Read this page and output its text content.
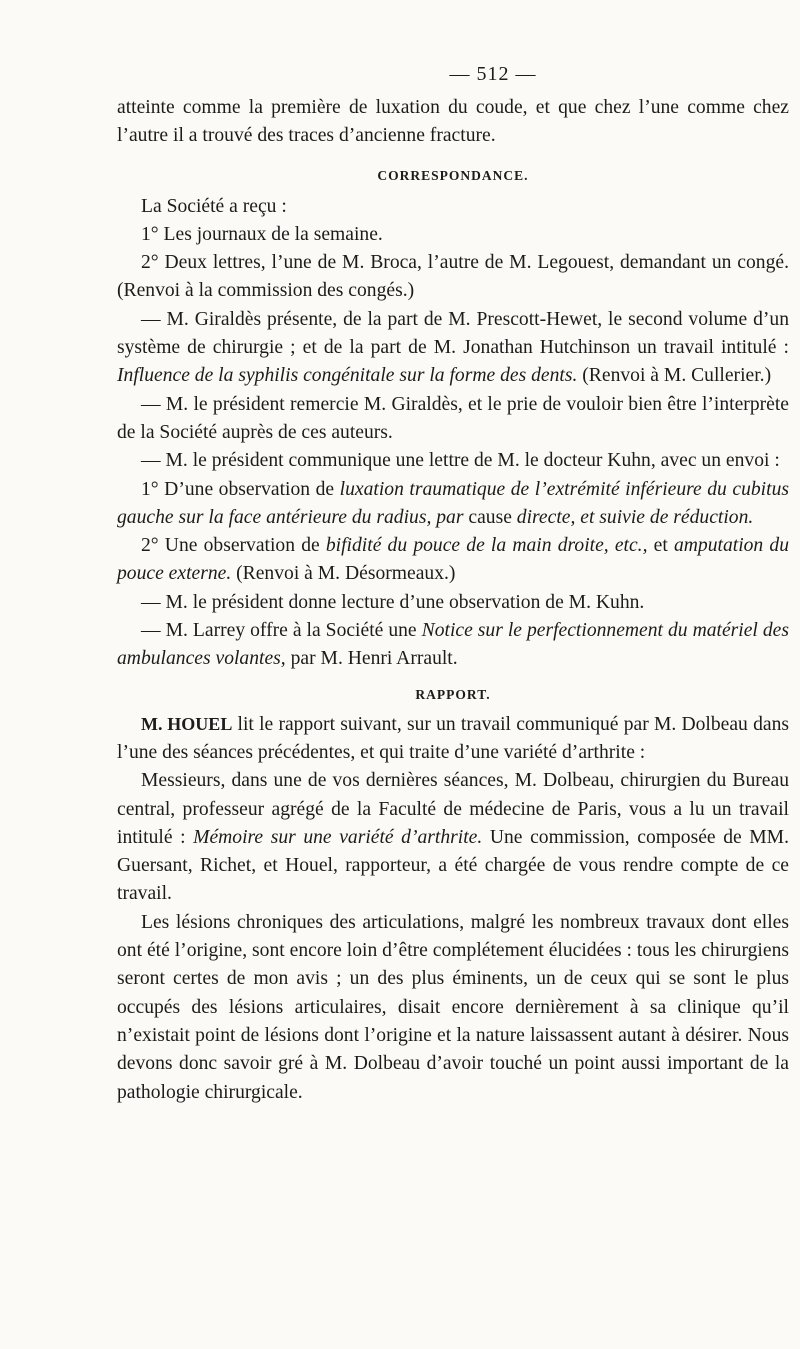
— 512 —

atteinte comme la première de luxation du coude, et que chez l’une comme chez l’autre il a trouvé des traces d’ancienne fracture.

CORRESPONDANCE.

La Société a reçu :

1° Les journaux de la semaine.

2° Deux lettres, l’une de M. Broca, l’autre de M. Legouest, demandant un congé. (Renvoi à la commission des congés.)

— M. Giraldès présente, de la part de M. Prescott-Hewet, le second volume d’un système de chirurgie ; et de la part de M. Jonathan Hutchinson un travail intitulé : Influence de la syphilis congénitale sur la forme des dents. (Renvoi à M. Cullerier.)

— M. le président remercie M. Giraldès, et le prie de vouloir bien être l’interprète de la Société auprès de ces auteurs.

— M. le président communique une lettre de M. le docteur Kuhn, avec un envoi :

1° D’une observation de luxation traumatique de l’extrémité inférieure du cubitus gauche sur la face antérieure du radius, par cause directe, et suivie de réduction.

2° Une observation de bifidité du pouce de la main droite, etc., et amputation du pouce externe. (Renvoi à M. Désormeaux.)

— M. le président donne lecture d’une observation de M. Kuhn.

— M. Larrey offre à la Société une Notice sur le perfectionnement du matériel des ambulances volantes, par M. Henri Arrault.

RAPPORT.

M. HOUEL lit le rapport suivant, sur un travail communiqué par M. Dolbeau dans l’une des séances précédentes, et qui traite d’une variété d’arthrite :

Messieurs, dans une de vos dernières séances, M. Dolbeau, chirurgien du Bureau central, professeur agrégé de la Faculté de médecine de Paris, vous a lu un travail intitulé : Mémoire sur une variété d’arthrite. Une commission, composée de MM. Guersant, Richet, et Houel, rapporteur, a été chargée de vous rendre compte de ce travail.

Les lésions chroniques des articulations, malgré les nombreux travaux dont elles ont été l’origine, sont encore loin d’être complétement élucidées : tous les chirurgiens seront certes de mon avis ; un des plus éminents, un de ceux qui se sont le plus occupés des lésions articulaires, disait encore dernièrement à sa clinique qu’il n’existait point de lésions dont l’origine et la nature laissassent autant à désirer. Nous devons donc savoir gré à M. Dolbeau d’avoir touché un point aussi important de la pathologie chirurgicale.
